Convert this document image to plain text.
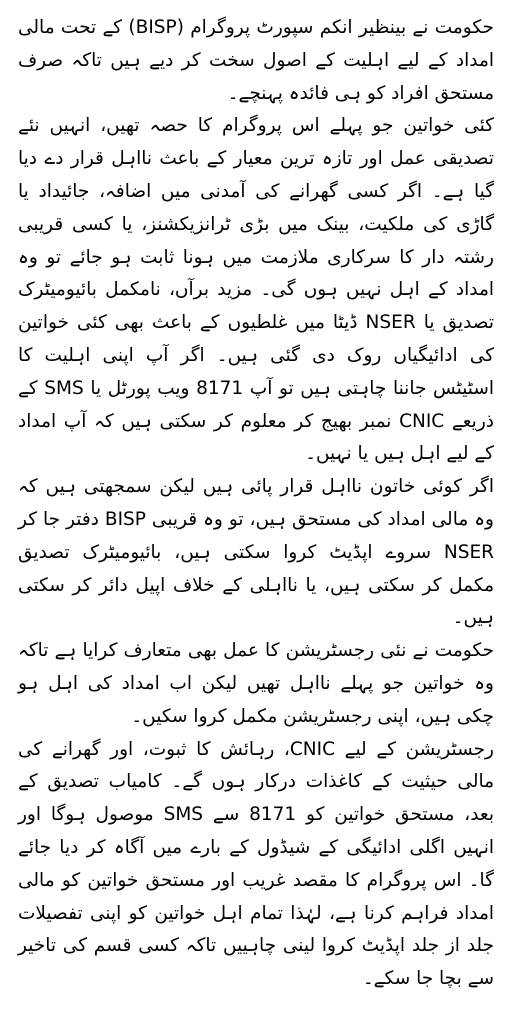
حکومت نے بینظیر انکم سپورٹ پروگرام (BISP) کے تحت مالی امداد کے لیے اہلیت کے اصول سخت کر دیے ہیں تاکہ صرف مستحق افراد کو ہی فائدہ پہنچے۔

کئی خواتین جو پہلے اس پروگرام کا حصہ تھیں، انہیں نئے تصدیقی عمل اور تازہ ترین معیار کے باعث نااہل قرار دے دیا گیا ہے۔ اگر کسی گھرانے کی آمدنی میں اضافہ، جائیداد یا گاڑی کی ملکیت، بینک میں بڑی ٹرانزیکشنز، یا کسی قریبی رشتہ دار کا سرکاری ملازمت میں ہونا ثابت ہو جائے تو وہ امداد کے اہل نہیں ہوں گی۔ مزید برآں، نامکمل بائیومیٹرک تصدیق یا NSER ڈیٹا میں غلطیوں کے باعث بھی کئی خواتین کی ادائیگیاں روک دی گئی ہیں۔ اگر آپ اپنی اہلیت کا اسٹیٹس جاننا چاہتی ہیں تو آپ 8171 ویب پورٹل یا SMS کے ذریعے CNIC نمبر بھیج کر معلوم کر سکتی ہیں کہ آپ امداد کے لیے اہل ہیں یا نہیں۔

اگر کوئی خاتون نااہل قرار پائی ہیں لیکن سمجھتی ہیں کہ وہ مالی امداد کی مستحق ہیں، تو وہ قریبی BISP دفتر جا کر NSER سروے اپڈیٹ کروا سکتی ہیں، بائیومیٹرک تصدیق مکمل کر سکتی ہیں، یا نااہلی کے خلاف اپیل دائر کر سکتی ہیں۔

حکومت نے نئی رجسٹریشن کا عمل بھی متعارف کرایا ہے تاکہ وہ خواتین جو پہلے نااہل تھیں لیکن اب امداد کی اہل ہو چکی ہیں، اپنی رجسٹریشن مکمل کروا سکیں۔

رجسٹریشن کے لیے CNIC، رہائش کا ثبوت، اور گھرانے کی مالی حیثیت کے کاغذات درکار ہوں گے۔ کامیاب تصدیق کے بعد، مستحق خواتین کو 8171 سے SMS موصول ہوگا اور انہیں اگلی ادائیگی کے شیڈول کے بارے میں آگاہ کر دیا جائے گا۔ اس پروگرام کا مقصد غریب اور مستحق خواتین کو مالی امداد فراہم کرنا ہے، لہٰذا تمام اہل خواتین کو اپنی تفصیلات جلد از جلد اپڈیٹ کروا لینی چاہییں تاکہ کسی قسم کی تاخیر سے بچا جا سکے۔
